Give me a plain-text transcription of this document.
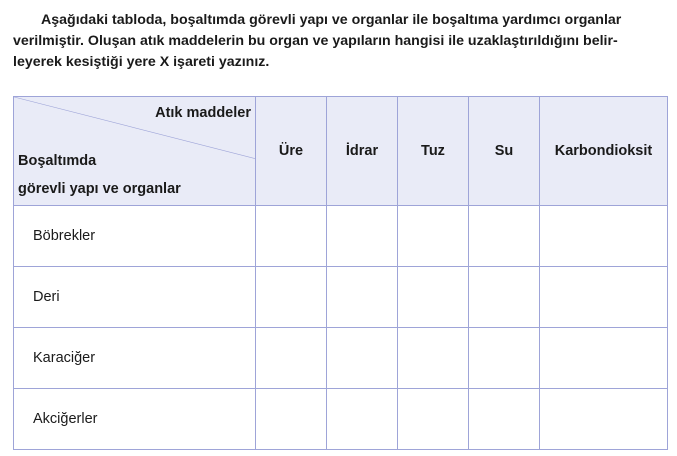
Aşağıdaki tabloda, boşaltımda görevli yapı ve organlar ile boşaltıma yardımcı organlar
verilmiştir. Oluşan atık maddelerin bu organ ve yapıların hangisi ile uzaklaştırıldığını belir-
leyerek kesiştiği yere X işareti yazınız.
Atık maddeler
Boşaltımda
görevli yapı ve organlar	Üre	İdrar	Tuz	Su	Karbondioksit
Böbrekler					
Deri					
Karaciğer					
Akciğerler					
